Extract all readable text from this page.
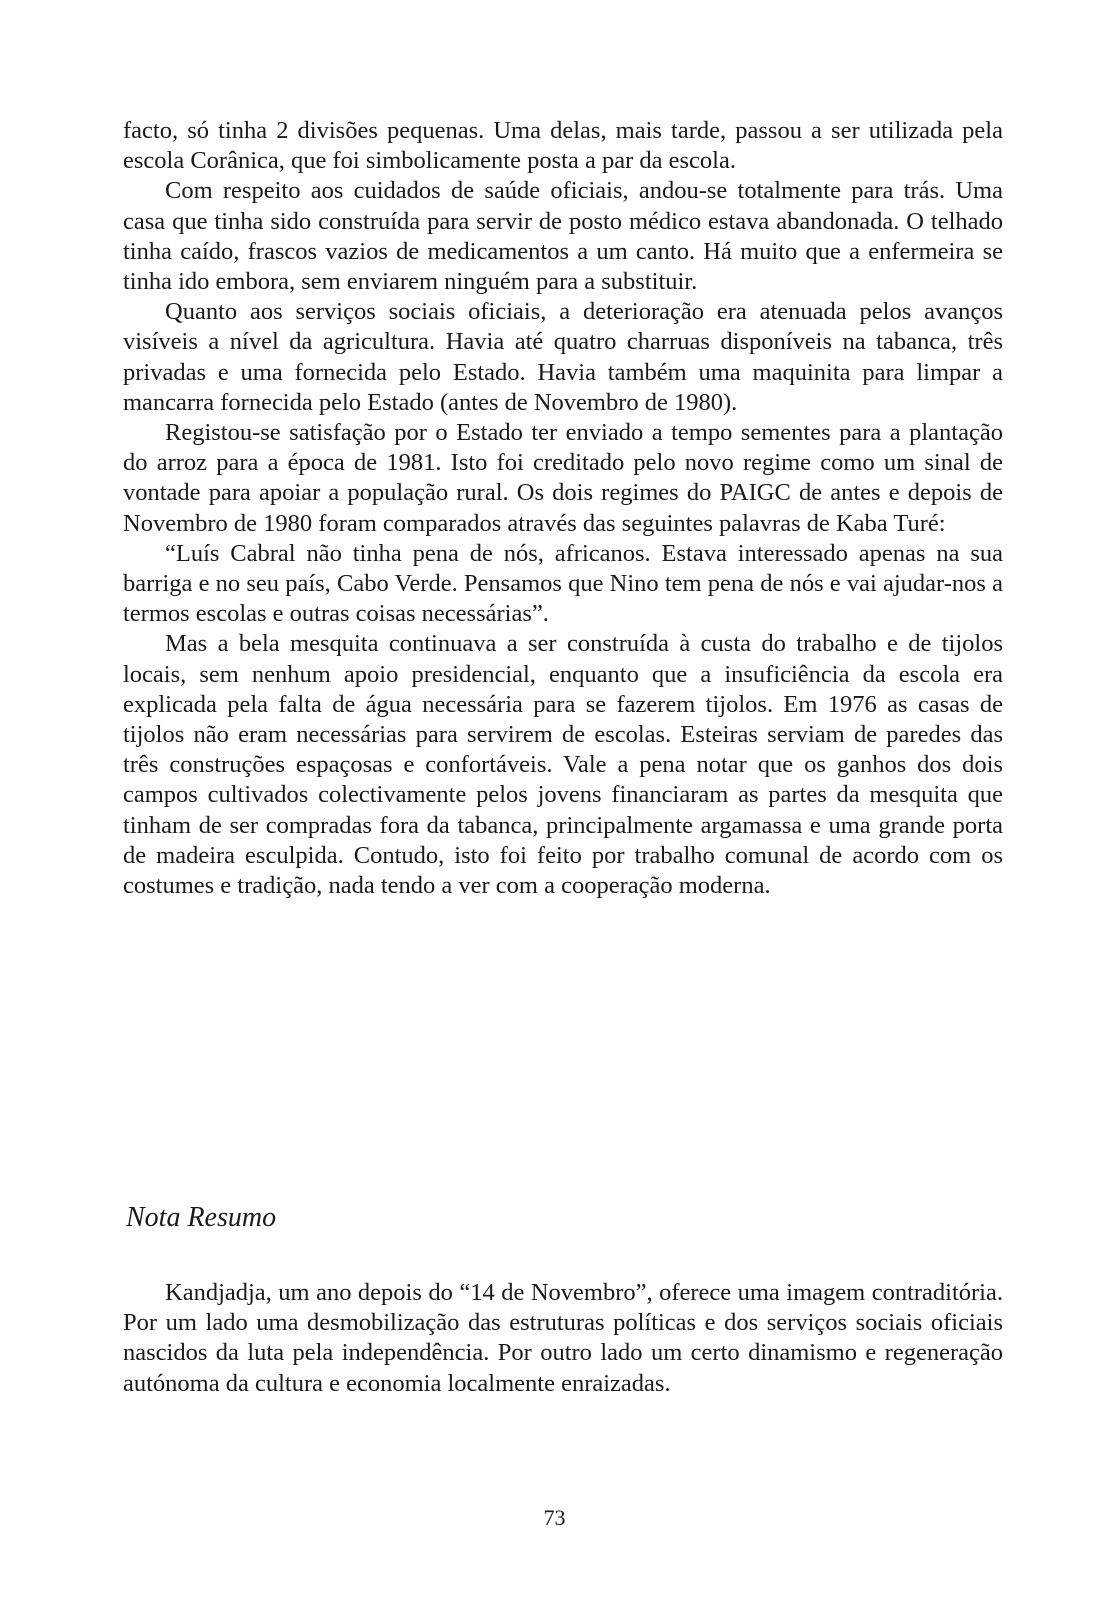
facto, só tinha 2 divisões pequenas. Uma delas, mais tarde, passou a ser utilizada pela escola Corânica, que foi simbolicamente posta a par da escola.

Com respeito aos cuidados de saúde oficiais, andou-se totalmente para trás. Uma casa que tinha sido construída para servir de posto médico estava abandonada. O telhado tinha caído, frascos vazios de medicamentos a um canto. Há muito que a enfermeira se tinha ido embora, sem enviarem ninguém para a substituir.

Quanto aos serviços sociais oficiais, a deterioração era atenuada pelos avanços visíveis a nível da agricultura. Havia até quatro charruas disponíveis na tabanca, três privadas e uma fornecida pelo Estado. Havia também uma maquinita para limpar a mancarra fornecida pelo Estado (antes de Novembro de 1980).

Registou-se satisfação por o Estado ter enviado a tempo sementes para a plantação do arroz para a época de 1981. Isto foi creditado pelo novo regime como um sinal de vontade para apoiar a população rural. Os dois regimes do PAIGC de antes e depois de Novembro de 1980 foram comparados através das seguintes palavras de Kaba Turé:

“Luís Cabral não tinha pena de nós, africanos. Estava interessado apenas na sua barriga e no seu país, Cabo Verde. Pensamos que Nino tem pena de nós e vai ajudar-nos a termos escolas e outras coisas necessárias”.

Mas a bela mesquita continuava a ser construída à custa do trabalho e de tijolos locais, sem nenhum apoio presidencial, enquanto que a insuficiência da escola era explicada pela falta de água necessária para se fazerem tijolos. Em 1976 as casas de tijolos não eram necessárias para servirem de escolas. Esteiras serviam de paredes das três construções espaçosas e confortáveis. Vale a pena notar que os ganhos dos dois campos cultivados colectivamente pelos jovens financiaram as partes da mesquita que tinham de ser compradas fora da tabanca, principalmente argamassa e uma grande porta de madeira esculpida. Contudo, isto foi feito por trabalho comunal de acordo com os costumes e tradição, nada tendo a ver com a cooperação moderna.

Nota Resumo

Kandjadja, um ano depois do “14 de Novembro”, oferece uma imagem contraditória. Por um lado uma desmobilização das estruturas políticas e dos serviços sociais oficiais nascidos da luta pela independência. Por outro lado um certo dinamismo e regeneração autónoma da cultura e economia localmente enraizadas.

73
